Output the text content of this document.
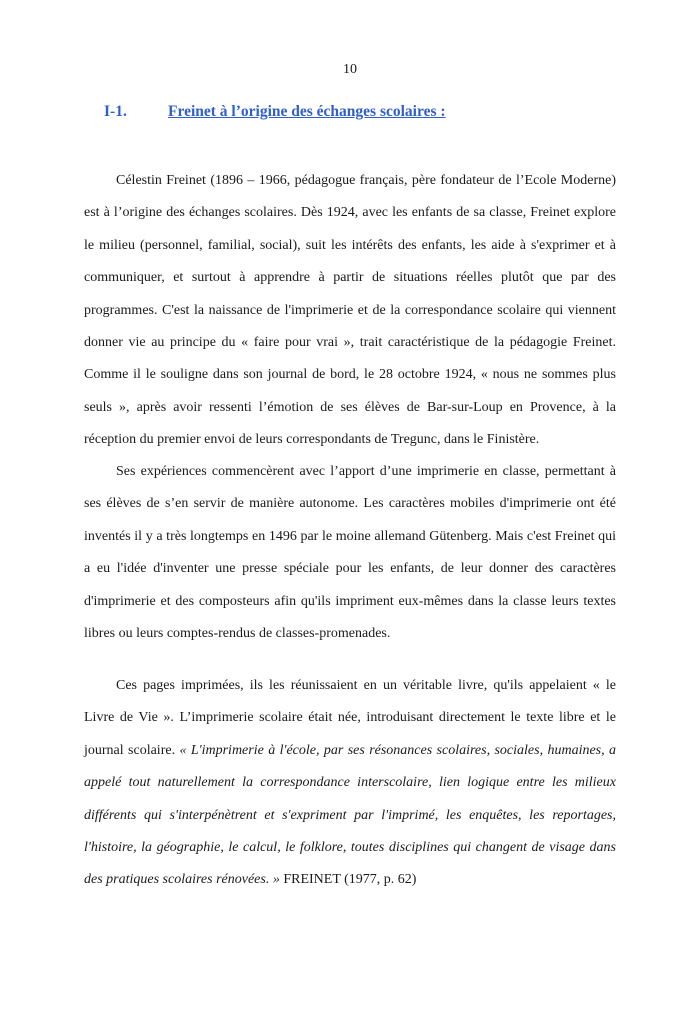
10
I-1.	Freinet à l’origine des échanges scolaires :

Célestin Freinet (1896 – 1966, pédagogue français, père fondateur de l’Ecole Moderne) est à l’origine des échanges scolaires. Dès 1924, avec les enfants de sa classe, Freinet explore le milieu (personnel, familial, social), suit les intérêts des enfants, les aide à s'exprimer et à communiquer, et surtout à apprendre à partir de situations réelles plutôt que par des programmes. C'est la naissance de l'imprimerie et de la correspondance scolaire qui viennent donner vie au principe du « faire pour vrai », trait caractéristique de la pédagogie Freinet. Comme il le souligne dans son journal de bord, le 28 octobre 1924, « nous ne sommes plus seuls », après avoir ressenti l’émotion de ses élèves de Bar-sur-Loup en Provence, à la réception du premier envoi de leurs correspondants de Tregunc, dans le Finistère.

Ses expériences commencèrent avec l’apport d’une imprimerie en classe, permettant à ses élèves de s’en servir de manière autonome. Les caractères mobiles d'imprimerie ont été inventés il y a très longtemps en 1496 par le moine allemand Gütenberg. Mais c'est Freinet qui a eu l'idée d'inventer une presse spéciale pour les enfants, de leur donner des caractères d'imprimerie et des composteurs afin qu'ils impriment eux-mêmes dans la classe leurs textes libres ou leurs comptes-rendus de classes-promenades.

Ces pages imprimées, ils les réunissaient en un véritable livre, qu'ils appelaient « le Livre de Vie ». L’imprimerie scolaire était née, introduisant directement le texte libre et le journal scolaire. « L'imprimerie à l'école, par ses résonances scolaires, sociales, humaines, a appelé tout naturellement la correspondance interscolaire, lien logique entre les milieux différents qui s'interpénètrent et s'expriment par l'imprimé, les enquêtes, les reportages, l'histoire, la géographie, le calcul, le folklore, toutes disciplines qui changent de visage dans des pratiques scolaires rénovées. » FREINET (1977, p. 62)
